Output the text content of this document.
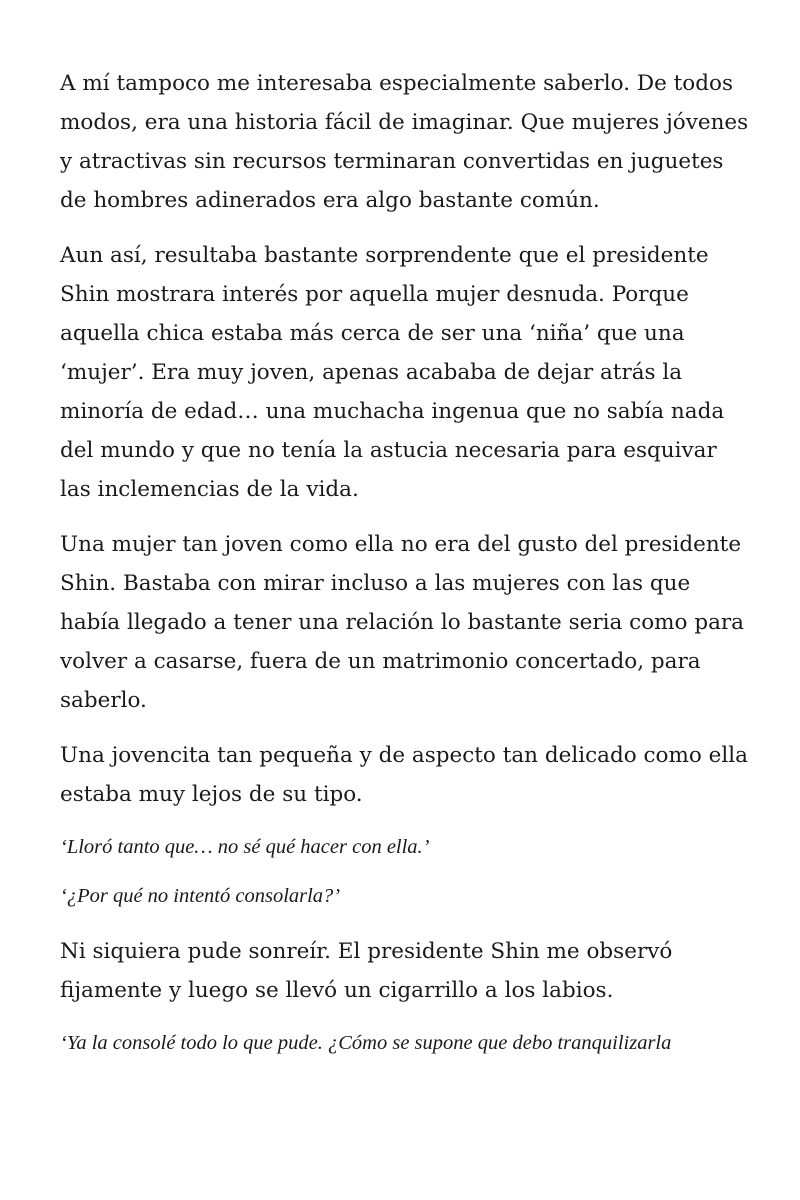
A mí tampoco me interesaba especialmente saberlo. De todos modos, era una historia fácil de imaginar. Que mujeres jóvenes y atractivas sin recursos terminaran convertidas en juguetes de hombres adinerados era algo bastante común.

Aun así, resultaba bastante sorprendente que el presidente Shin mostrara interés por aquella mujer desnuda. Porque aquella chica estaba más cerca de ser una ‘niña’ que una ‘mujer’. Era muy joven, apenas acababa de dejar atrás la minoría de edad… una muchacha ingenua que no sabía nada del mundo y que no tenía la astucia necesaria para esquivar las inclemencias de la vida.

Una mujer tan joven como ella no era del gusto del presidente Shin. Bastaba con mirar incluso a las mujeres con las que había llegado a tener una relación lo bastante seria como para volver a casarse, fuera de un matrimonio concertado, para saberlo.

Una jovencita tan pequeña y de aspecto tan delicado como ella estaba muy lejos de su tipo.

‘Lloró tanto que… no sé qué hacer con ella.’

‘¿Por qué no intentó consolarla?’

Ni siquiera pude sonreír. El presidente Shin me observó fijamente y luego se llevó un cigarrillo a los labios.

‘Ya la consolé todo lo que pude. ¿Cómo se supone que debo tranquilizarla
